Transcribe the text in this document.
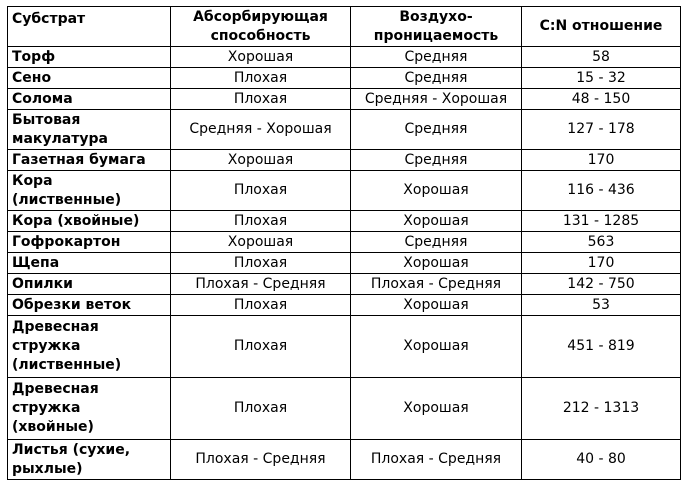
Субстрат	Абсорбирующая способность	Воздухо-проницаемость	C:N отношение
Торф	Хорошая	Средняя	58
Сено	Плохая	Средняя	15 - 32
Солома	Плохая	Средняя - Хорошая	48 - 150
Бытовая макулатура	Средняя - Хорошая	Средняя	127 - 178
Газетная бумага	Хорошая	Средняя	170
Кора (лиственные)	Плохая	Хорошая	116 - 436
Кора (хвойные)	Плохая	Хорошая	131 - 1285
Гофрокартон	Хорошая	Средняя	563
Щепа	Плохая	Хорошая	170
Опилки	Плохая - Средняя	Плохая - Средняя	142 - 750
Обрезки веток	Плохая	Хорошая	53
Древесная стружка (лиственные)	Плохая	Хорошая	451 - 819
Древесная стружка (хвойные)	Плохая	Хорошая	212 - 1313
Листья (сухие, рыхлые)	Плохая - Средняя	Плохая - Средняя	40 - 80
